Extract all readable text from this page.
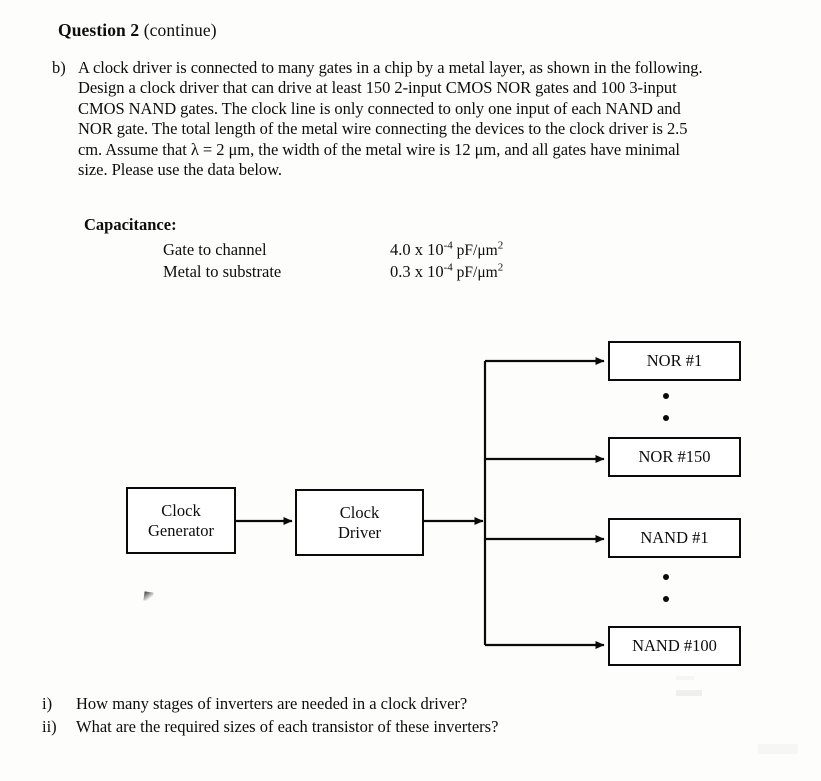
Question 2 (continue)
b) A clock driver is connected to many gates in a chip by a metal layer, as shown in the following.
Design a clock driver that can drive at least 150 2-input CMOS NOR gates and 100 3-input
CMOS NAND gates. The clock line is only connected to only one input of each NAND and
NOR gate. The total length of the metal wire connecting the devices to the clock driver is 2.5
cm. Assume that λ = 2 μm, the width of the metal wire is 12 μm, and all gates have minimal
size. Please use the data below.
Capacitance:
Gate to channel	4.0 x $10^{-4}$ $pF/\mu m^2$
Metal to substrate	0.3 x $10^{-4}$ $pF/\mu m^2$
Clock
Generator
Clock
Driver
NOR #1
NOR #150
NAND #1
NAND #100
i)	How many stages of inverters are needed in a clock driver?
ii)	What are the required sizes of each transistor of these inverters?
